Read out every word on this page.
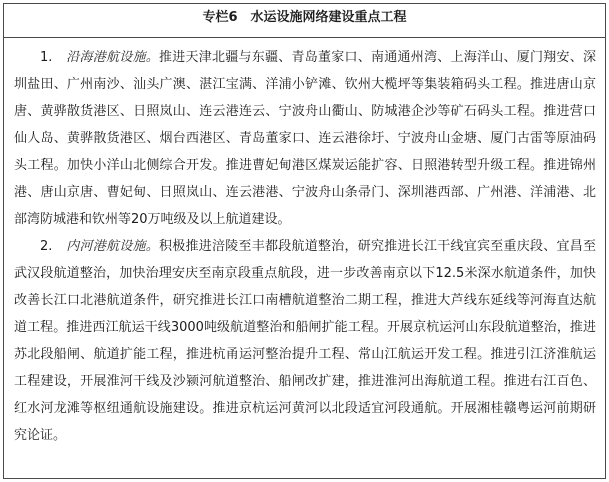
专栏6　水运设施网络建设重点工程
1. 沿海港航设施。推进天津北疆与东疆、青岛董家口、南通通州湾、上海洋山、厦门翔安、深
圳盐田、广州南沙、汕头广澳、湛江宝满、洋浦小铲滩、钦州大榄坪等集装箱码头工程。推进唐山京
唐、黄骅散货港区、日照岚山、连云港连云、宁波舟山衢山、防城港企沙等矿石码头工程。推进营口
仙人岛、黄骅散货港区、烟台西港区、青岛董家口、连云港徐圩、宁波舟山金塘、厦门古雷等原油码
头工程。加快小洋山北侧综合开发。推进曹妃甸港区煤炭运能扩容、日照港转型升级工程。推进锦州
港、唐山京唐、曹妃甸、日照岚山、连云港港、宁波舟山条帚门、深圳港西部、广州港、洋浦港、北
部湾防城港和钦州等20万吨级及以上航道建设。
2. 内河港航设施。积极推进涪陵至丰都段航道整治，研究推进长江干线宜宾至重庆段、宜昌至
武汉段航道整治，加快治理安庆至南京段重点航段，进一步改善南京以下12.5米深水航道条件，加快
改善长江口北港航道条件，研究推进长江口南槽航道整治二期工程，推进大芦线东延线等河海直达航
道工程。推进西江航运干线3000吨级航道整治和船闸扩能工程。开展京杭运河山东段航道整治，推进
苏北段船闸、航道扩能工程，推进杭甬运河整治提升工程、常山江航运开发工程。推进引江济淮航运
工程建设，开展淮河干线及沙颍河航道整治、船闸改扩建，推进淮河出海航道工程。推进右江百色、
红水河龙滩等枢纽通航设施建设。推进京杭运河黄河以北段适宜河段通航。开展湘桂赣粤运河前期研
究论证。
